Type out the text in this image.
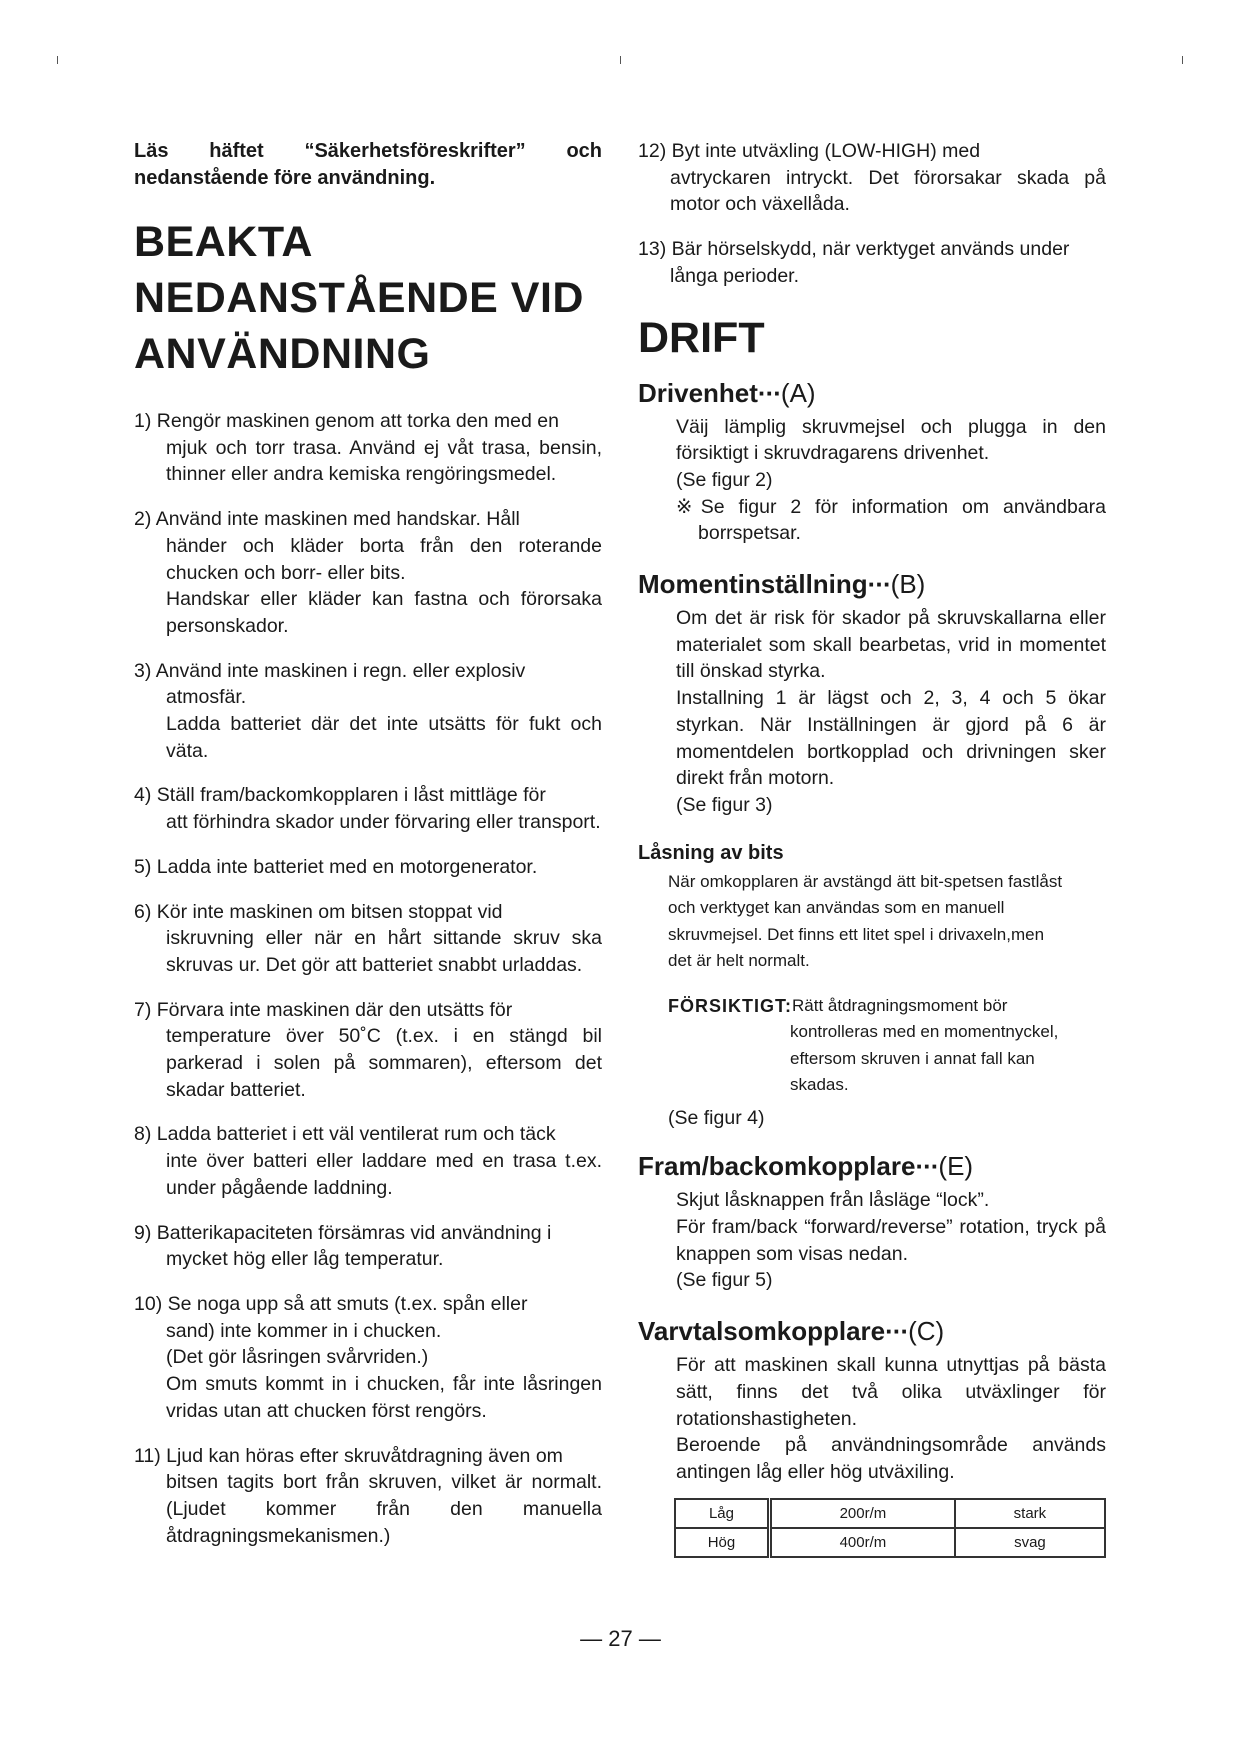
Läs häftet “Säkerhetsföreskrifter” och nedanstående före användning.

BEAKTA
NEDANSTÅENDE VID
ANVÄNDNING
1) Rengör maskinen genom att torka den med en
mjuk och torr trasa. Använd ej våt trasa, bensin, thinner eller andra kemiska rengöringsmedel.
2) Använd inte maskinen med handskar. Håll
händer och kläder borta från den roterande chucken och borr- eller bits.
Handskar eller kläder kan fastna och förorsaka personskador.
3) Använd inte maskinen i regn. eller explosiv
atmosfär.
Ladda batteriet där det inte utsätts för fukt och väta.
4) Ställ fram/backomkopplaren i låst mittläge för
att förhindra skador under förvaring eller transport.
5) Ladda inte batteriet med en motorgenerator.
6) Kör inte maskinen om bitsen stoppat vid
iskruvning eller när en hårt sittande skruv ska skruvas ur. Det gör att batteriet snabbt urladdas.
7) Förvara inte maskinen där den utsätts för
temperature över 50˚C (t.ex. i en stängd bil parkerad i solen på sommaren), eftersom det skadar batteriet.
8) Ladda batteriet i ett väl ventilerat rum och täck
inte över batteri eller laddare med en trasa t.ex. under pågående laddning.
9) Batterikapaciteten försämras vid användning i
mycket hög eller låg temperatur.
10) Se noga upp så att smuts (t.ex. spån eller
sand) inte kommer in i chucken.
(Det gör låsringen svårvriden.)
Om smuts kommt in i chucken, får inte låsringen vridas utan att chucken först rengörs.
11) Ljud kan höras efter skruvåtdragning även om
bitsen tagits bort från skruven, vilket är normalt. (Ljudet kommer från den manuella åtdragningsmekanismen.)
12) Byt inte utväxling (LOW-HIGH) med
avtryckaren intryckt. Det förorsakar skada på motor och växellåda.
13) Bär hörselskydd, när verktyget används under
långa perioder.
DRIFT
Drivenhet···(A)
Väij lämplig skruvmejsel och plugga in den försiktigt i skruvdragarens drivenhet.
(Se figur 2)
※Se figur 2 för information om användbara borrspetsar.
Momentinställning···(B)
Om det är risk för skador på skruvskallarna eller materialet som skall bearbetas, vrid in momentet till önskad styrka.
Installning 1 är lägst och 2, 3, 4 och 5 ökar styrkan. När Inställningen är gjord på 6 är momentdelen bortkopplad och drivningen sker direkt från motorn.
(Se figur 3)
Låsning av bits
När omkopplaren är avstängd ätt bit-spetsen fastlåst
och verktyget kan användas som en manuell
skruvmejsel. Det finns ett litet spel i drivaxeln,men
det är helt normalt.
FÖRSIKTIGT: Rätt åtdragningsmoment bör
kontrolleras med en momentnyckel,
eftersom skruven i annat fall kan
skadas.
(Se figur 4)
Fram/backomkopplare···(E)
Skjut låsknappen från låsläge “lock”.
För fram/back “forward/reverse” rotation, tryck på knappen som visas nedan.
(Se figur 5)
Varvtalsomkopplare···(C)
För att maskinen skall kunna utnyttjas på bästa sätt, finns det två olika utväxlinger för rotationshastigheten.
Beroende på användningsområde används antingen låg eller hög utväxiling.
Låg	200r/m	stark
Hög	400r/m	svag
— 27 —
